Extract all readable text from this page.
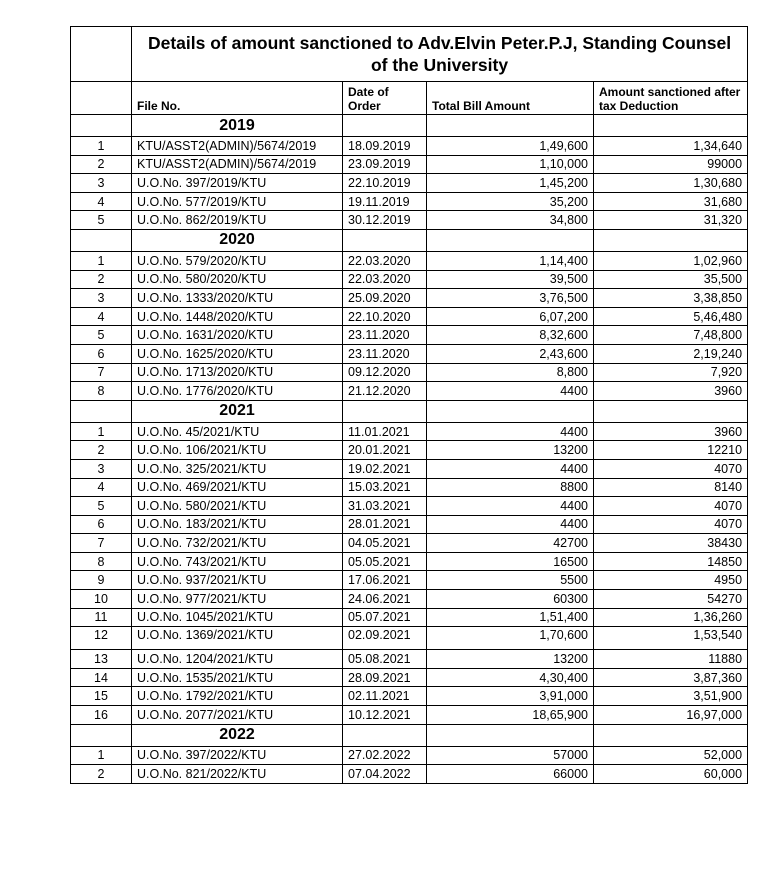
	Details of amount sanctioned to Adv.Elvin Peter.P.J, Standing Counsel of the University			
	File No.	Date of Order	Total Bill Amount	Amount sanctioned after tax Deduction
	2019			
1	KTU/ASST2(ADMIN)/5674/2019	18.09.2019	1,49,600	1,34,640
2	KTU/ASST2(ADMIN)/5674/2019	23.09.2019	1,10,000	99000
3	U.O.No. 397/2019/KTU	22.10.2019	1,45,200	1,30,680
4	U.O.No. 577/2019/KTU	19.11.2019	35,200	31,680
5	U.O.No. 862/2019/KTU	30.12.2019	34,800	31,320
	2020			
1	U.O.No. 579/2020/KTU	22.03.2020	1,14,400	1,02,960
2	U.O.No. 580/2020/KTU	22.03.2020	39,500	35,500
3	U.O.No. 1333/2020/KTU	25.09.2020	3,76,500	3,38,850
4	U.O.No. 1448/2020/KTU	22.10.2020	6,07,200	5,46,480
5	U.O.No. 1631/2020/KTU	23.11.2020	8,32,600	7,48,800
6	U.O.No. 1625/2020/KTU	23.11.2020	2,43,600	2,19,240
7	U.O.No. 1713/2020/KTU	09.12.2020	8,800	7,920
8	U.O.No. 1776/2020/KTU	21.12.2020	4400	3960
	2021			
1	U.O.No. 45/2021/KTU	11.01.2021	4400	3960
2	U.O.No. 106/2021/KTU	20.01.2021	13200	12210
3	U.O.No. 325/2021/KTU	19.02.2021	4400	4070
4	U.O.No. 469/2021/KTU	15.03.2021	8800	8140
5	U.O.No. 580/2021/KTU	31.03.2021	4400	4070
6	U.O.No. 183/2021/KTU	28.01.2021	4400	4070
7	U.O.No. 732/2021/KTU	04.05.2021	42700	38430
8	U.O.No. 743/2021/KTU	05.05.2021	16500	14850
9	U.O.No. 937/2021/KTU	17.06.2021	5500	4950
10	U.O.No. 977/2021/KTU	24.06.2021	60300	54270
11	U.O.No. 1045/2021/KTU	05.07.2021	1,51,400	1,36,260
12	U.O.No. 1369/2021/KTU	02.09.2021	1,70,600	1,53,540
13	U.O.No. 1204/2021/KTU	05.08.2021	13200	11880
14	U.O.No. 1535/2021/KTU	28.09.2021	4,30,400	3,87,360
15	U.O.No. 1792/2021/KTU	02.11.2021	3,91,000	3,51,900
16	U.O.No. 2077/2021/KTU	10.12.2021	18,65,900	16,97,000
	2022			
1	U.O.No. 397/2022/KTU	27.02.2022	57000	52,000
2	U.O.No. 821/2022/KTU	07.04.2022	66000	60,000
